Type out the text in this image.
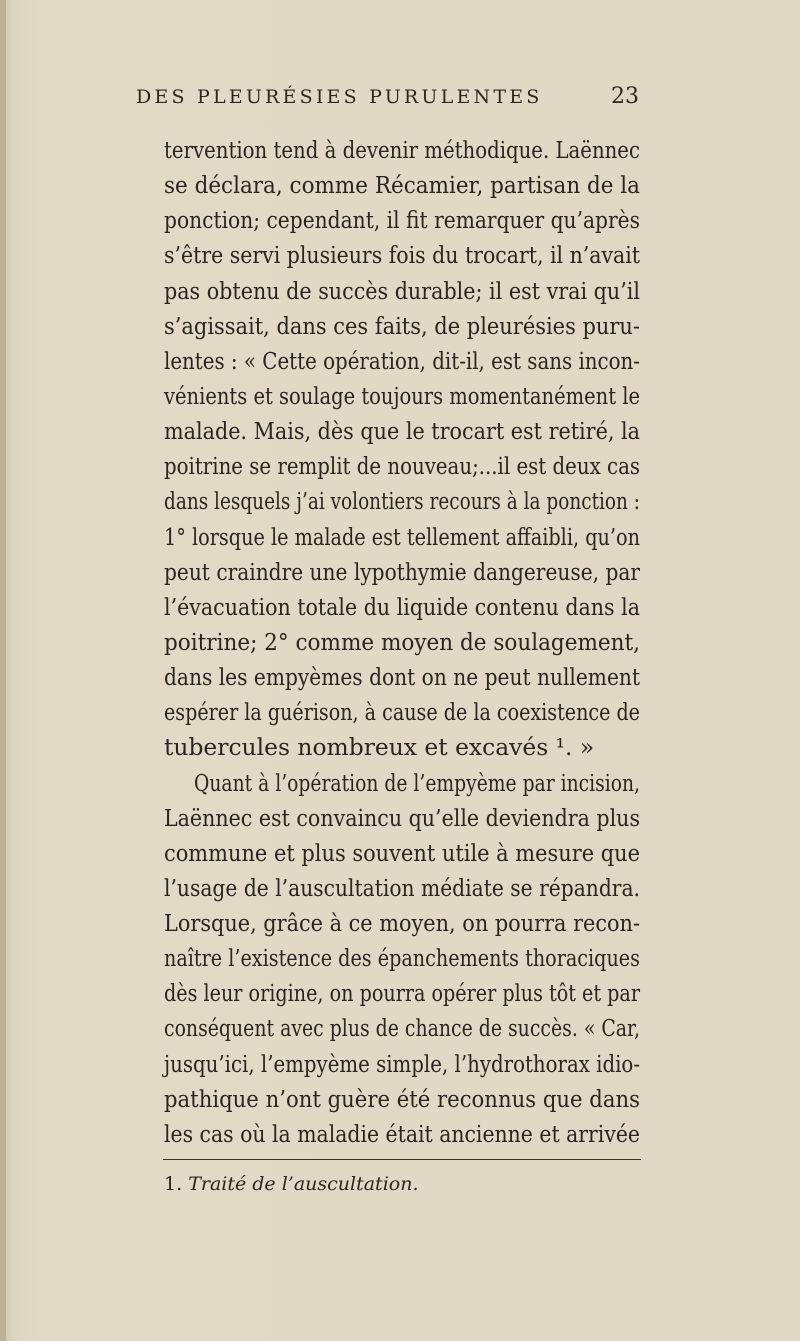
DES PLEURÉSIES PURULENTES	23
tervention tend à devenir méthodique. Laënnec
se déclara, comme Récamier, partisan de la
ponction; cependant, il fit remarquer qu’après
s’être servi plusieurs fois du trocart, il n’avait
pas obtenu de succès durable; il est vrai qu’il
s’agissait, dans ces faits, de pleurésies puru-
lentes : « Cette opération, dit-il, est sans incon-
vénients et soulage toujours momentanément le
malade. Mais, dès que le trocart est retiré, la
poitrine se remplit de nouveau;...il est deux cas
dans lesquels j’ai volontiers recours à la ponction :
1° lorsque le malade est tellement affaibli, qu’on
peut craindre une lypothymie dangereuse, par
l’évacuation totale du liquide contenu dans la
poitrine; 2° comme moyen de soulagement,
dans les empyèmes dont on ne peut nullement
espérer la guérison, à cause de la coexistence de
tubercules nombreux et excavés ¹. »
Quant à l’opération de l’empyème par incision,
Laënnec est convaincu qu’elle deviendra plus
commune et plus souvent utile à mesure que
l’usage de l’auscultation médiate se répandra.
Lorsque, grâce à ce moyen, on pourra recon-
naître l’existence des épanchements thoraciques
dès leur origine, on pourra opérer plus tôt et par
conséquent avec plus de chance de succès. « Car,
jusqu’ici, l’empyème simple, l’hydrothorax idio-
pathique n’ont guère été reconnus que dans
les cas où la maladie était ancienne et arrivée
1. Traité de l’auscultation.
